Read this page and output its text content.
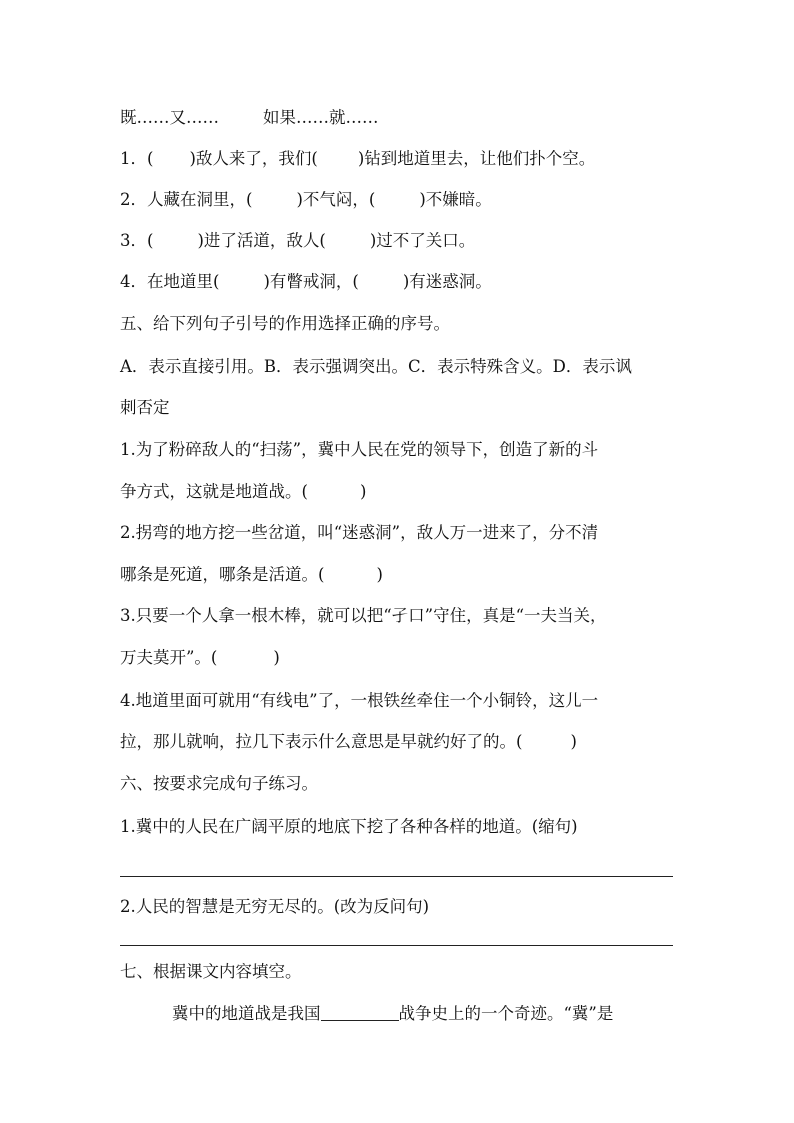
既……又……	如果……就……
1．( )敌人来了，我们( )钻到地道里去，让他们扑个空。
2．人藏在洞里，(	)不气闷，(	)不嫌暗。
3．(	)进了活道，敌人(	)过不了关口。
4．在地道里(	)有瞥戒洞，(	)有迷惑洞。
五、给下列句子引号的作用选择正确的序号。
A．表示直接引用。B．表示强调突出。C．表示特殊含义。D．表示讽
刺否定
1.为了粉碎敌人的“扫荡”，冀中人民在党的领导下，创造了新的斗
争方式，这就是地道战。(	)
2.拐弯的地方挖一些岔道，叫“迷惑洞”，敌人万一进来了，分不清
哪条是死道，哪条是活道。(	)
3.只要一个人拿一根木棒，就可以把“孑口”守住，真是“一夫当关，
万夫莫开”。(	)
4.地道里面可就用“有线电”了，一根铁丝牵住一个小铜铃，这儿一
拉，那儿就响，拉几下表示什么意思是早就约好了的。(	)
六、按要求完成句子练习。
1.冀中的人民在广阔平原的地底下挖了各种各样的地道。(缩句)
2.人民的智慧是无穷无尽的。(改为反问句)
七、根据课文内容填空。
冀中的地道战是我国	战争史上的一个奇迹。“冀”是
